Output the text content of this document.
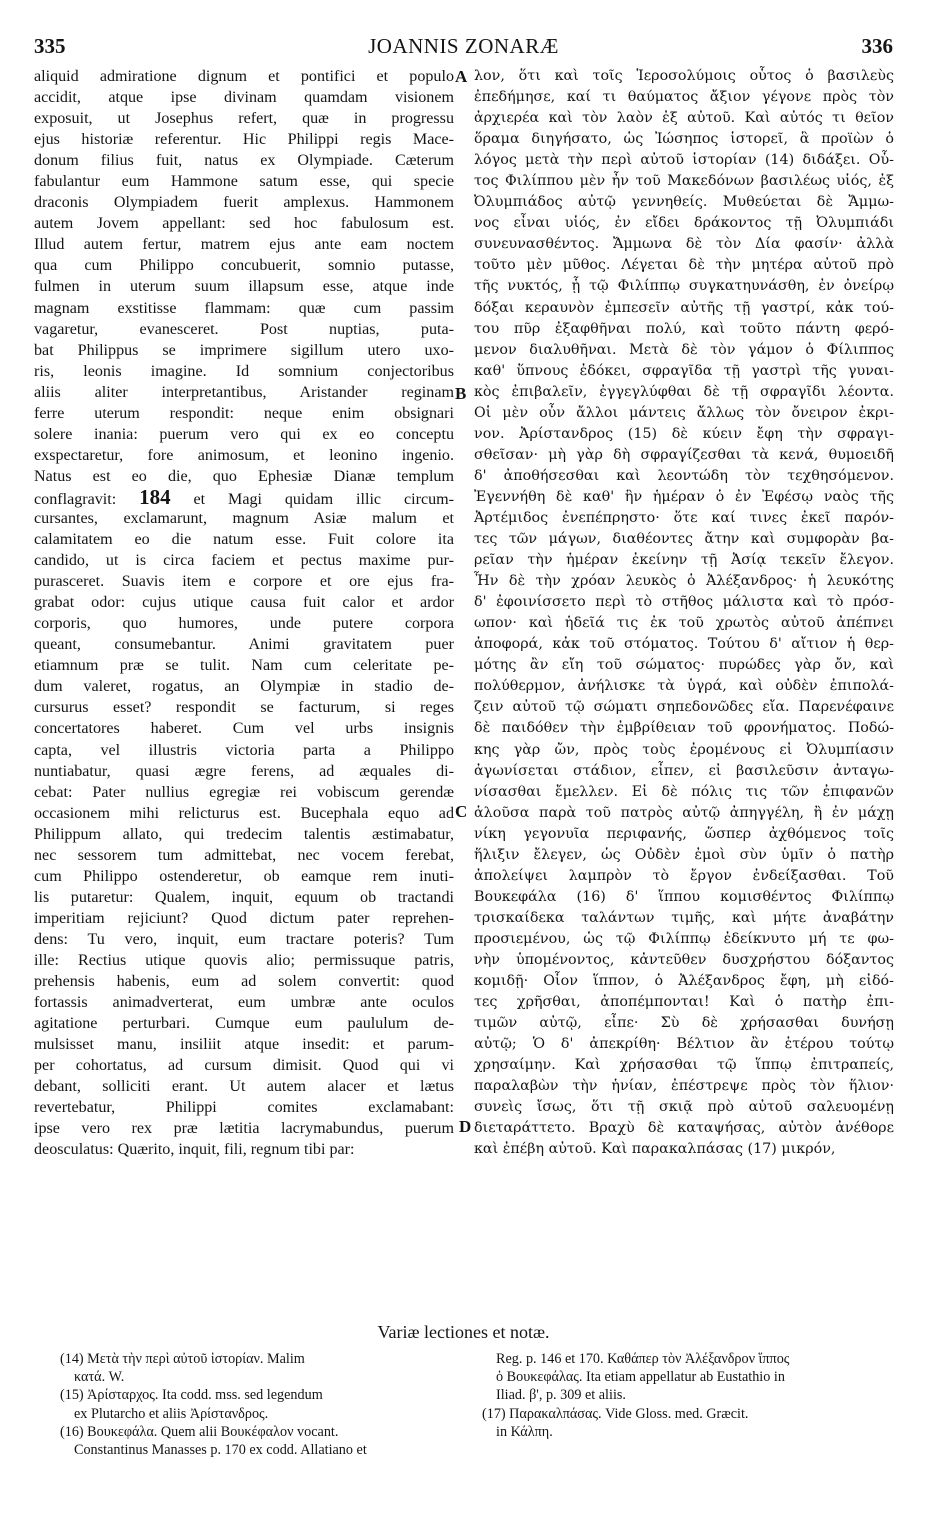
335	JOANNIS ZONARÆ	336
aliquid admiratione dignum et pontifici et populo
accidit, atque ipse divinam quamdam visionem
exposuit, ut Josephus refert, quæ in progressu
ejus historiæ referentur. Hic Philippi regis Mace-
donum filius fuit, natus ex Olympiade. Cæterum
fabulantur eum Hammone satum esse, qui specie
draconis Olympiadem fuerit amplexus. Hammonem
autem Jovem appellant: sed hoc fabulosum est.
Illud autem fertur, matrem ejus ante eam noctem
qua cum Philippo concubuerit, somnio putasse,
fulmen in uterum suum illapsum esse, atque inde
magnam exstitisse flammam: quæ cum passim
vagaretur, evanesceret. Post nuptias, puta-
bat Philippus se imprimere sigillum utero uxo-
ris, leonis imagine. Id somnium conjectoribus
aliis aliter interpretantibus, Aristander reginam
ferre uterum respondit: neque enim obsignari
solere inania: puerum vero qui ex eo conceptu
exspectaretur, fore animosum, et leonino ingenio.
Natus est eo die, quo Ephesiæ Dianæ templum
conflagravit: 184 et Magi quidam illic circum-
cursantes, exclamarunt, magnum Asiæ malum et
calamitatem eo die natum esse. Fuit colore ita
candido, ut is circa faciem et pectus maxime pur-
purasceret. Suavis item e corpore et ore ejus fra-
grabat odor: cujus utique causa fuit calor et ardor
corporis, quo humores, unde putere corpora
queant, consumebantur. Animi gravitatem puer
etiamnum præ se tulit. Nam cum celeritate pe-
dum valeret, rogatus, an Olympiæ in stadio de-
cursurus esset? respondit se facturum, si reges
concertatores haberet. Cum vel urbs insignis
capta, vel illustris victoria parta a Philippo
nuntiabatur, quasi ægre ferens, ad æquales di-
cebat: Pater nullius egregiæ rei vobiscum gerendæ
occasionem mihi relicturus est. Bucephala equo ad
Philippum allato, qui tredecim talentis æstimabatur,
nec sessorem tum admittebat, nec vocem ferebat,
cum Philippo ostenderetur, ob eamque rem inuti-
lis putaretur: Qualem, inquit, equum ob tractandi
imperitiam rejiciunt? Quod dictum pater reprehen-
dens: Tu vero, inquit, eum tractare poteris? Tum
ille: Rectius utique quovis alio; permissuque patris,
prehensis habenis, eum ad solem convertit: quod
fortassis animadverterat, eum umbræ ante oculos
agitatione perturbari. Cumque eum paululum de-
mulsisset manu, insiliit atque insedit: et parum-
per cohortatus, ad cursum dimisit. Quod qui vi
debant, solliciti erant. Ut autem alacer et lætus
revertebatur, Philippi comites exclamabant:
ipse vero rex præ lætitia lacrymabundus, puerum
deosculatus: Quærito, inquit, fili, regnum tibi par:
λον, ὅτι καὶ τοῖς Ἱεροσολύμοις οὗτος ὁ βασιλεὺς
ἐπεδήμησε, καί τι θαύματος ἄξιον γέγονε πρὸς τὸν
ἀρχιερέα καὶ τὸν λαὸν ἐξ αὐτοῦ. Καὶ αὐτός τι θεῖον
ὅραμα διηγήσατο, ὡς Ἰώσηπος ἱστορεῖ, ἃ προϊὼν ὁ
λόγος μετὰ τὴν περὶ αὐτοῦ ἱστορίαν (14) διδάξει. Οὗ-
τος Φιλίππου μὲν ἦν τοῦ Μακεδόνων βασιλέως υἱός, ἐξ
Ὀλυμπιάδος αὐτῷ γεννηθείς. Μυθεύεται δὲ Ἄμμω-
νος εἶναι υἱός, ἐν εἴδει δράκοντος τῇ Ὀλυμπιάδι
συνευνασθέντος. Ἄμμωνα δὲ τὸν Δία φασίν· ἀλλὰ
τοῦτο μὲν μῦθος. Λέγεται δὲ τὴν μητέρα αὐτοῦ πρὸ
τῆς νυκτός, ᾗ τῷ Φιλίππῳ συγκατηυνάσθη, ἐν ὀνείρῳ
δόξαι κεραυνὸν ἐμπεσεῖν αὐτῆς τῇ γαστρί, κἀκ τού-
του πῦρ ἐξαφθῆναι πολύ, καὶ τοῦτο πάντη φερό-
μενον διαλυθῆναι. Μετὰ δὲ τὸν γάμον ὁ Φίλιππος
καθ' ὕπνους ἐδόκει, σφραγῖδα τῇ γαστρὶ τῆς γυναι-
κὸς ἐπιβαλεῖν, ἐγγεγλύφθαι δὲ τῇ σφραγῖδι λέοντα.
Οἱ μὲν οὖν ἄλλοι μάντεις ἄλλως τὸν ὄνειρον ἐκρι-
νον. Ἀρίστανδρος (15) δὲ κύειν ἔφη τὴν σφραγι-
σθεῖσαν· μὴ γὰρ δὴ σφραγίζεσθαι τὰ κενά, θυμοειδῆ
δ' ἀποθήσεσθαι καὶ λεοντώδη τὸν τεχθησόμενον.
Ἐγεννήθη δὲ καθ' ἣν ἡμέραν ὁ ἐν Ἐφέσῳ ναὸς τῆς
Ἀρτέμιδος ἐνεπέπρηστο· ὅτε καί τινες ἐκεῖ παρόν-
τες τῶν μάγων, διαθέοντες ἄτην καὶ συμφορὰν βα-
ρεῖαν τὴν ἡμέραν ἐκείνην τῇ Ἀσίᾳ τεκεῖν ἔλεγον.
Ἦν δὲ τὴν χρόαν λευκὸς ὁ Ἀλέξανδρος· ἡ λευκότης
δ' ἐφοινίσσετο περὶ τὸ στῆθος μάλιστα καὶ τὸ πρόσ-
ωπον· καὶ ἡδεῖά τις ἐκ τοῦ χρωτὸς αὐτοῦ ἀπέπνει
ἀποφορά, κἀκ τοῦ στόματος. Τούτου δ' αἴτιον ἡ θερ-
μότης ἂν εἴη τοῦ σώματος· πυρώδες γὰρ ὄν, καὶ
πολύθερμον, ἀνήλισκε τὰ ὑγρά, καὶ οὐδὲν ἐπιπολά-
ζειν αὐτοῦ τῷ σώματι σηπεδονῶδες εἴα. Παρενέφαινε
δὲ παιδόθεν τὴν ἐμβρίθειαν τοῦ φρονήματος. Ποδώ-
κης γὰρ ὤν, πρὸς τοὺς ἐρομένους εἰ Ὀλυμπίασιν
ἀγωνίσεται στάδιον, εἶπεν, εἰ βασιλεῦσιν ἀνταγω-
νίσασθαι ἔμελλεν. Εἰ δὲ πόλις τις τῶν ἐπιφανῶν
ἁλοῦσα παρὰ τοῦ πατρὸς αὐτῷ ἀπηγγέλη, ἢ ἐν μάχῃ
νίκη γεγονυῖα περιφανής, ὥσπερ ἀχθόμενος τοῖς
ἥλιξιν ἔλεγεν, ὡς Οὐδὲν ἐμοὶ σὺν ὑμῖν ὁ πατὴρ
ἀπολείψει λαμπρὸν τὸ ἔργον ἐνδείξασθαι. Τοῦ
Βουκεφάλα (16) δ' ἵππου κομισθέντος Φιλίππῳ
τρισκαίδεκα ταλάντων τιμῆς, καὶ μήτε ἀναβάτην
προσιεμένου, ὡς τῷ Φιλίππῳ ἐδείκνυτο μή τε φω-
νὴν ὑπομένοντος, κἀντεῦθεν δυσχρήστου δόξαντος
κομιδῇ· Οἷον ἵππον, ὁ Ἀλέξανδρος ἔφη, μὴ εἰδό-
τες χρῆσθαι, ἀποπέμπονται! Καὶ ὁ πατὴρ ἐπι-
τιμῶν αὐτῷ, εἶπε· Σὺ δὲ χρήσασθαι δυνήσῃ
αὐτῷ; Ὁ δ' ἀπεκρίθη· Βέλτιον ἂν ἑτέρου τούτῳ
χρησαίμην. Καὶ χρήσασθαι τῷ ἵππῳ ἐπιτραπείς,
παραλαβὼν τὴν ἡνίαν, ἐπέστρεψε πρὸς τὸν ἥλιον·
συνεὶς ἴσως, ὅτι τῇ σκιᾷ πρὸ αὐτοῦ σαλευομένῃ
διεταράττετο. Βραχὺ δὲ καταψήσας, αὐτὸν ἀνέθορε
καὶ ἐπέβη αὐτοῦ. Καὶ παρακαλπάσας (17) μικρόν,
A
B
C
D
Variæ lectiones et notæ.
(14) Μετὰ τὴν περὶ αὐτοῦ ἱστορίαν. Malim
κατά. W.
(15) Ἀρίσταρχος. Ita codd. mss. sed legendum
ex Plutarcho et aliis Ἀρίστανδρος.
(16) Βουκεφάλα. Quem alii Βουκέφαλον vocant.
Constantinus Manasses p. 170 ex codd. Allatiano et
Reg. p. 146 et 170. Καθάπερ τὸν Ἀλέξανδρον ἵππος
ὁ Βουκεφάλας. Ita etiam appellatur ab Eustathio in
Iliad. β', p. 309 et aliis.
(17) Παρακαλπάσας. Vide Gloss. med. Græcit.
in Κάλπη.
